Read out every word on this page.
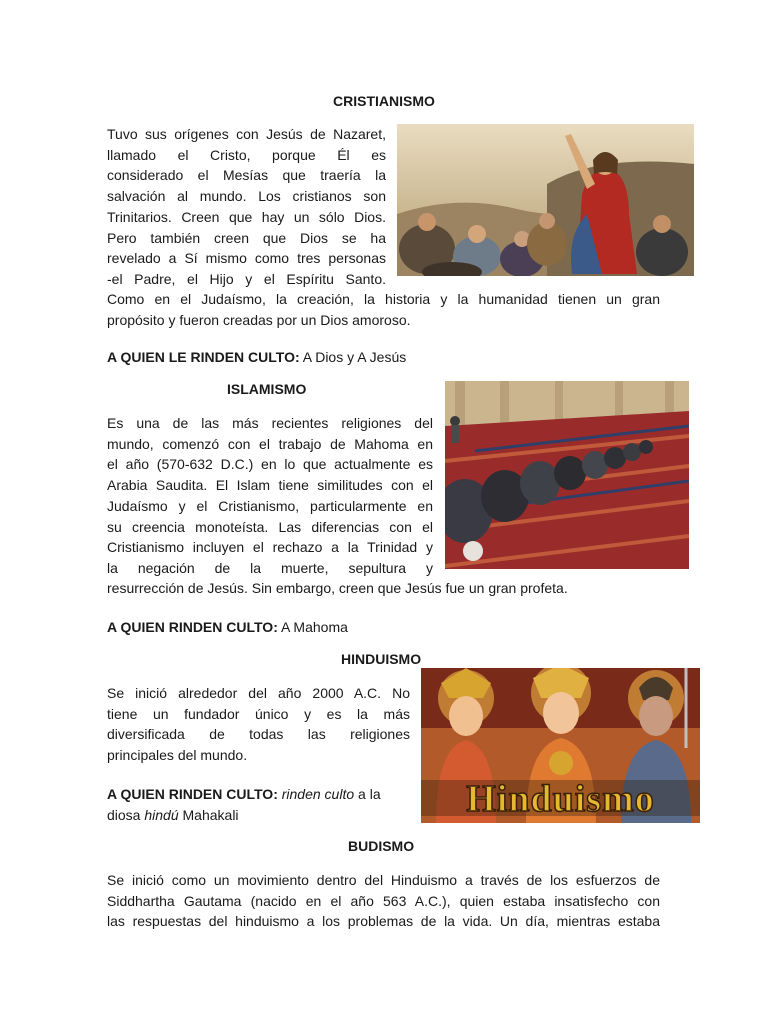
CRISTIANISMO
Tuvo sus orígenes con Jesús de Nazaret,
llamado el Cristo, porque Él es
considerado el Mesías que traería la
salvación al mundo. Los cristianos son
Trinitarios. Creen que hay un sólo Dios.
Pero también creen que Dios se ha
revelado a Sí mismo como tres personas
-el Padre, el Hijo y el Espíritu Santo.
Como en el Judaísmo, la creación, la historia y la humanidad tienen un gran
propósito y fueron creadas por un Dios amoroso.

A QUIEN LE RINDEN CULTO: A Dios y A Jesús

ISLAMISMO
Es una de las más recientes religiones del
mundo, comenzó con el trabajo de Mahoma en
el año (570-632 D.C.) en lo que actualmente es
Arabia Saudita. El Islam tiene similitudes con el
Judaísmo y el Cristianismo, particularmente en
su creencia monoteísta. Las diferencias con el
Cristianismo incluyen el rechazo a la Trinidad y
la negación de la muerte, sepultura y
resurrección de Jesús. Sin embargo, creen que Jesús fue un gran profeta.

A QUIEN RINDEN CULTO: A Mahoma

HINDUISMO
Se inició alrededor del año 2000 A.C. No
tiene un fundador único y es la más
diversificada de todas las religiones
principales del mundo.

A QUIEN RINDEN CULTO: rinden culto a la
diosa hindú Mahakali	Hinduismo
BUDISMO
Se inició como un movimiento dentro del Hinduismo a través de los esfuerzos de
Siddhartha Gautama (nacido en el año 563 A.C.), quien estaba insatisfecho con
las respuestas del hinduismo a los problemas de la vida. Un día, mientras estaba
